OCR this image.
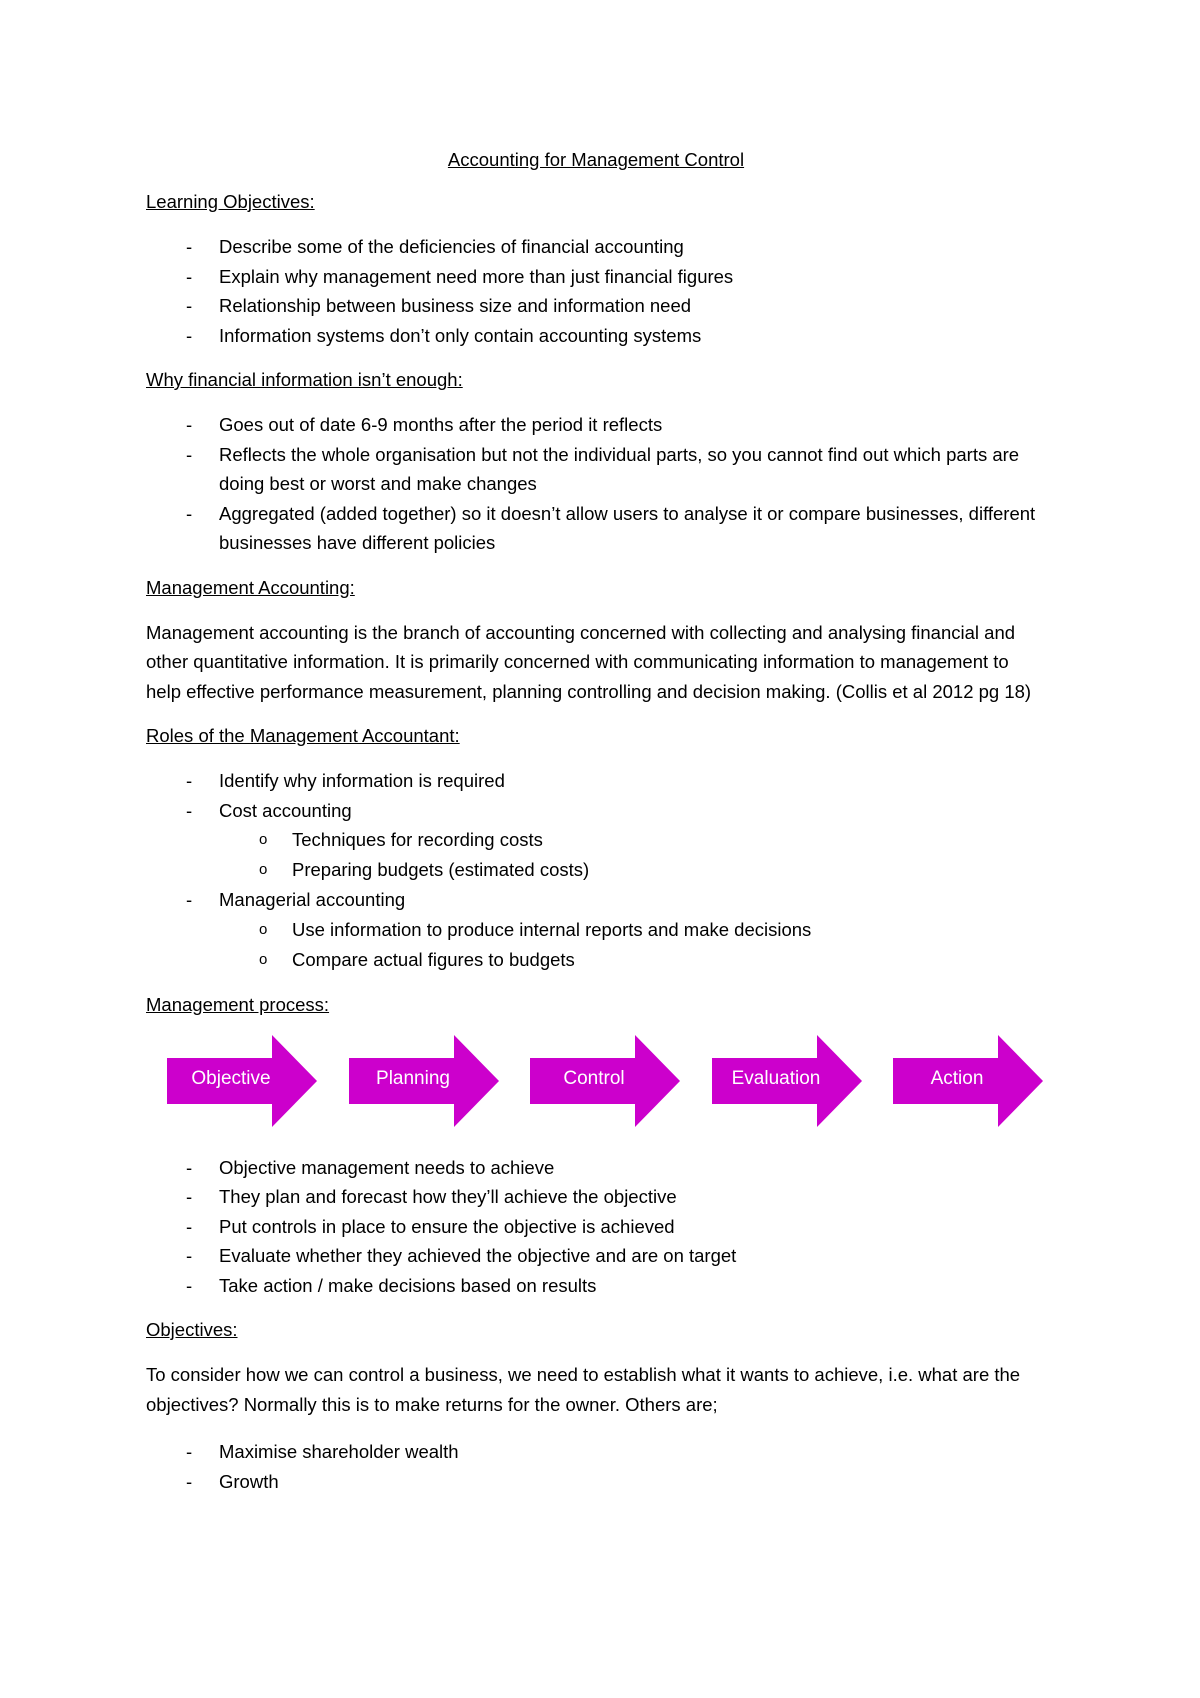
Accounting for Management Control
Learning Objectives:
- Describe some of the deficiencies of financial accounting
- Explain why management need more than just financial figures
- Relationship between business size and information need
- Information systems don’t only contain accounting systems
Why financial information isn’t enough:
- Goes out of date 6-9 months after the period it reflects
- Reflects the whole organisation but not the individual parts, so you cannot find out which parts are doing best or worst and make changes
- Aggregated (added together) so it doesn’t allow users to analyse it or compare businesses, different businesses have different policies
Management Accounting:

Management accounting is the branch of accounting concerned with collecting and analysing financial and other quantitative information. It is primarily concerned with communicating information to management to help effective performance measurement, planning controlling and decision making. (Collis et al 2012 pg 18)

Roles of the Management Accountant:
- Identify why information is required
- Cost accounting
o Techniques for recording costs
o Preparing budgets (estimated costs)
- Managerial accounting
o Use information to produce internal reports and make decisions
o Compare actual figures to budgets
Management process:
Objective	Planning	Control	Evaluation	Action
- Objective management needs to achieve
- They plan and forecast how they’ll achieve the objective
- Put controls in place to ensure the objective is achieved
- Evaluate whether they achieved the objective and are on target
- Take action / make decisions based on results
Objectives:

To consider how we can control a business, we need to establish what it wants to achieve, i.e. what are the objectives? Normally this is to make returns for the owner. Others are;

- Maximise shareholder wealth
- Growth
